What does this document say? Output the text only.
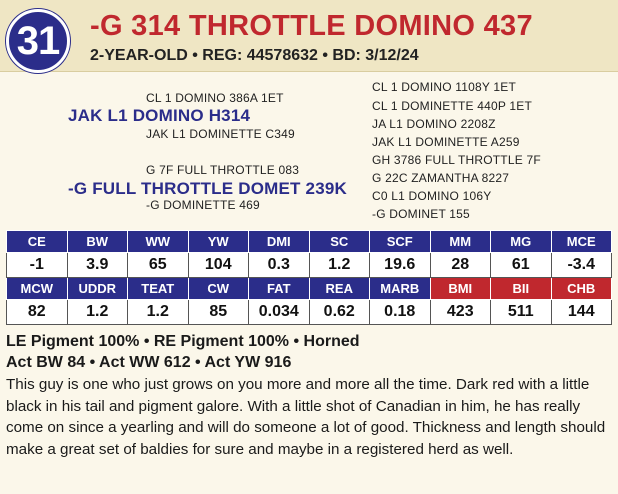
31	-G 314 THROTTLE DOMINO 437
2-YEAR-OLD • REG: 44578632 • BD: 3/12/24
CL 1 DOMINO 386A 1ET
JAK L1 DOMINO H314
JAK L1 DOMINETTE C349
G 7F FULL THROTTLE 083
-G FULL THROTTLE DOMET 239K
-G DOMINETTE 469
CL 1 DOMINO 1108Y 1ET
CL 1 DOMINETTE 440P 1ET
JA L1 DOMINO 2208Z
JAK L1 DOMINETTE A259
GH 3786 FULL THROTTLE 7F
G 22C ZAMANTHA 8227
C0 L1 DOMINO 106Y
-G DOMINET 155
CE	BW	WW	YW	DMI	SC	SCF	MM	MG	MCE
-1	3.9	65	104	0.3	1.2	19.6	28	61	-3.4
MCW	UDDR	TEAT	CW	FAT	REA	MARB	BMI	BII	CHB
82	1.2	1.2	85	0.034	0.62	0.18	423	511	144
LE Pigment 100% • RE Pigment 100% • Horned
Act BW 84 • Act WW 612 • Act YW 916
This guy is one who just grows on you more and more all the time. Dark red with a little black in his tail and pigment galore. With a little shot of Canadian in him, he has really come on since a yearling and will do someone a lot of good. Thickness and length should make a great set of baldies for sure and maybe in a registered herd as well.
